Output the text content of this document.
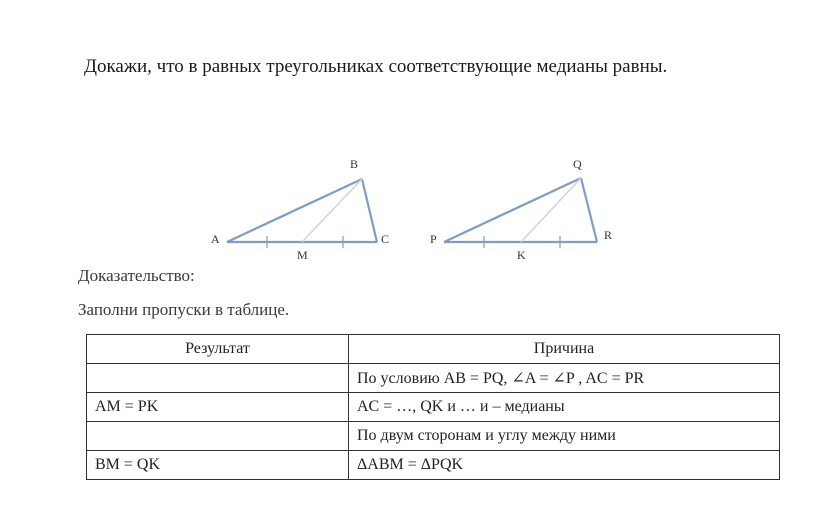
Докажи, что в равных треугольниках соответствующие медианы равны.
A
B
C
M
P
Q
R
K
Доказательство:
Заполни пропуски в таблице.
Результат	Причина
	По условию AB = PQ, ∠A = ∠P , AC = PR
AM = PK	AC = …, QK и … и – медианы
	По двум сторонам и углу между ними
BM = QK	ΔABM = ΔPQK
